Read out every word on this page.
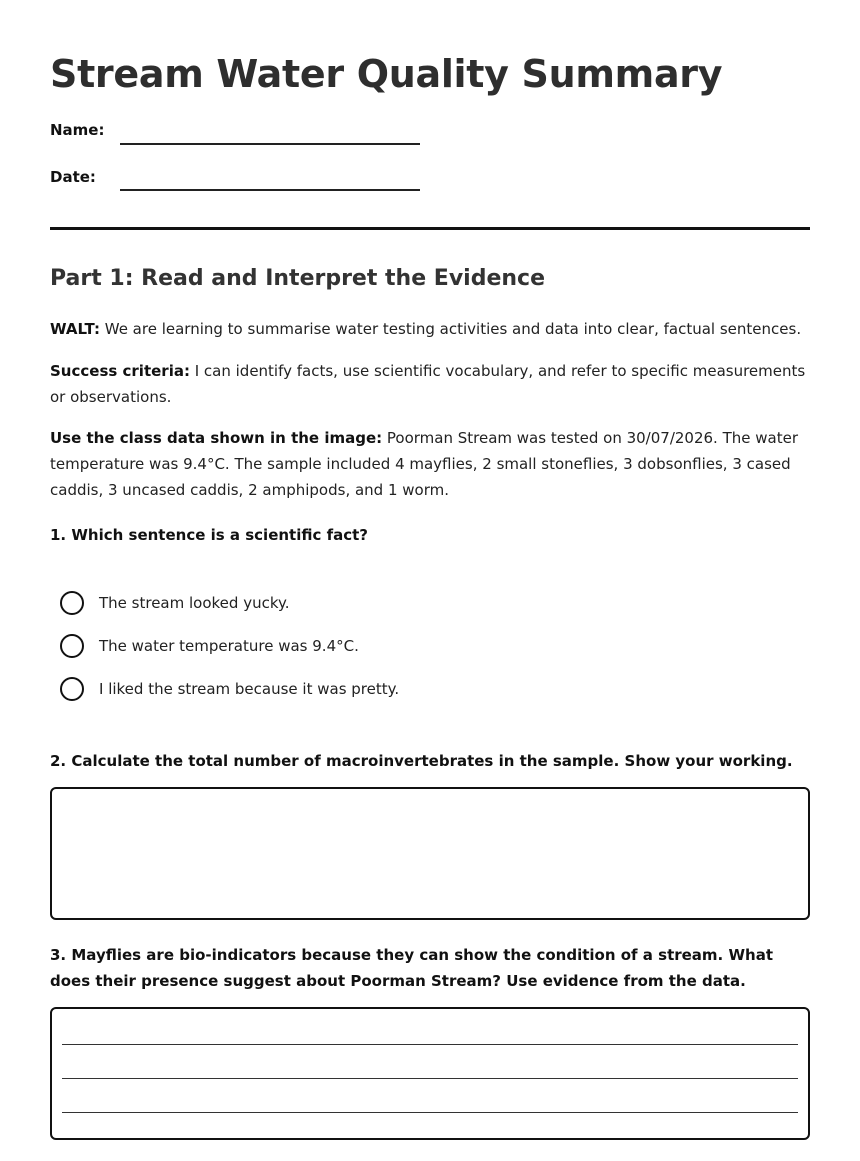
Stream Water Quality Summary
Name:
Date:
Part 1: Read and Interpret the Evidence

WALT: We are learning to summarise water testing activities and data into clear, factual sentences.

Success criteria: I can identify facts, use scientific vocabulary, and refer to specific measurements or observations.

Use the class data shown in the image: Poorman Stream was tested on 30/07/2026. The water temperature was 9.4°C. The sample included 4 mayflies, 2 small stoneflies, 3 dobsonflies, 3 cased caddis, 3 uncased caddis, 2 amphipods, and 1 worm.

1. Which sentence is a scientific fact?

The stream looked yucky.
The water temperature was 9.4°C.
I liked the stream because it was pretty.

2. Calculate the total number of macroinvertebrates in the sample. Show your working.

3. Mayflies are bio-indicators because they can show the condition of a stream. What does their presence suggest about Poorman Stream? Use evidence from the data.
